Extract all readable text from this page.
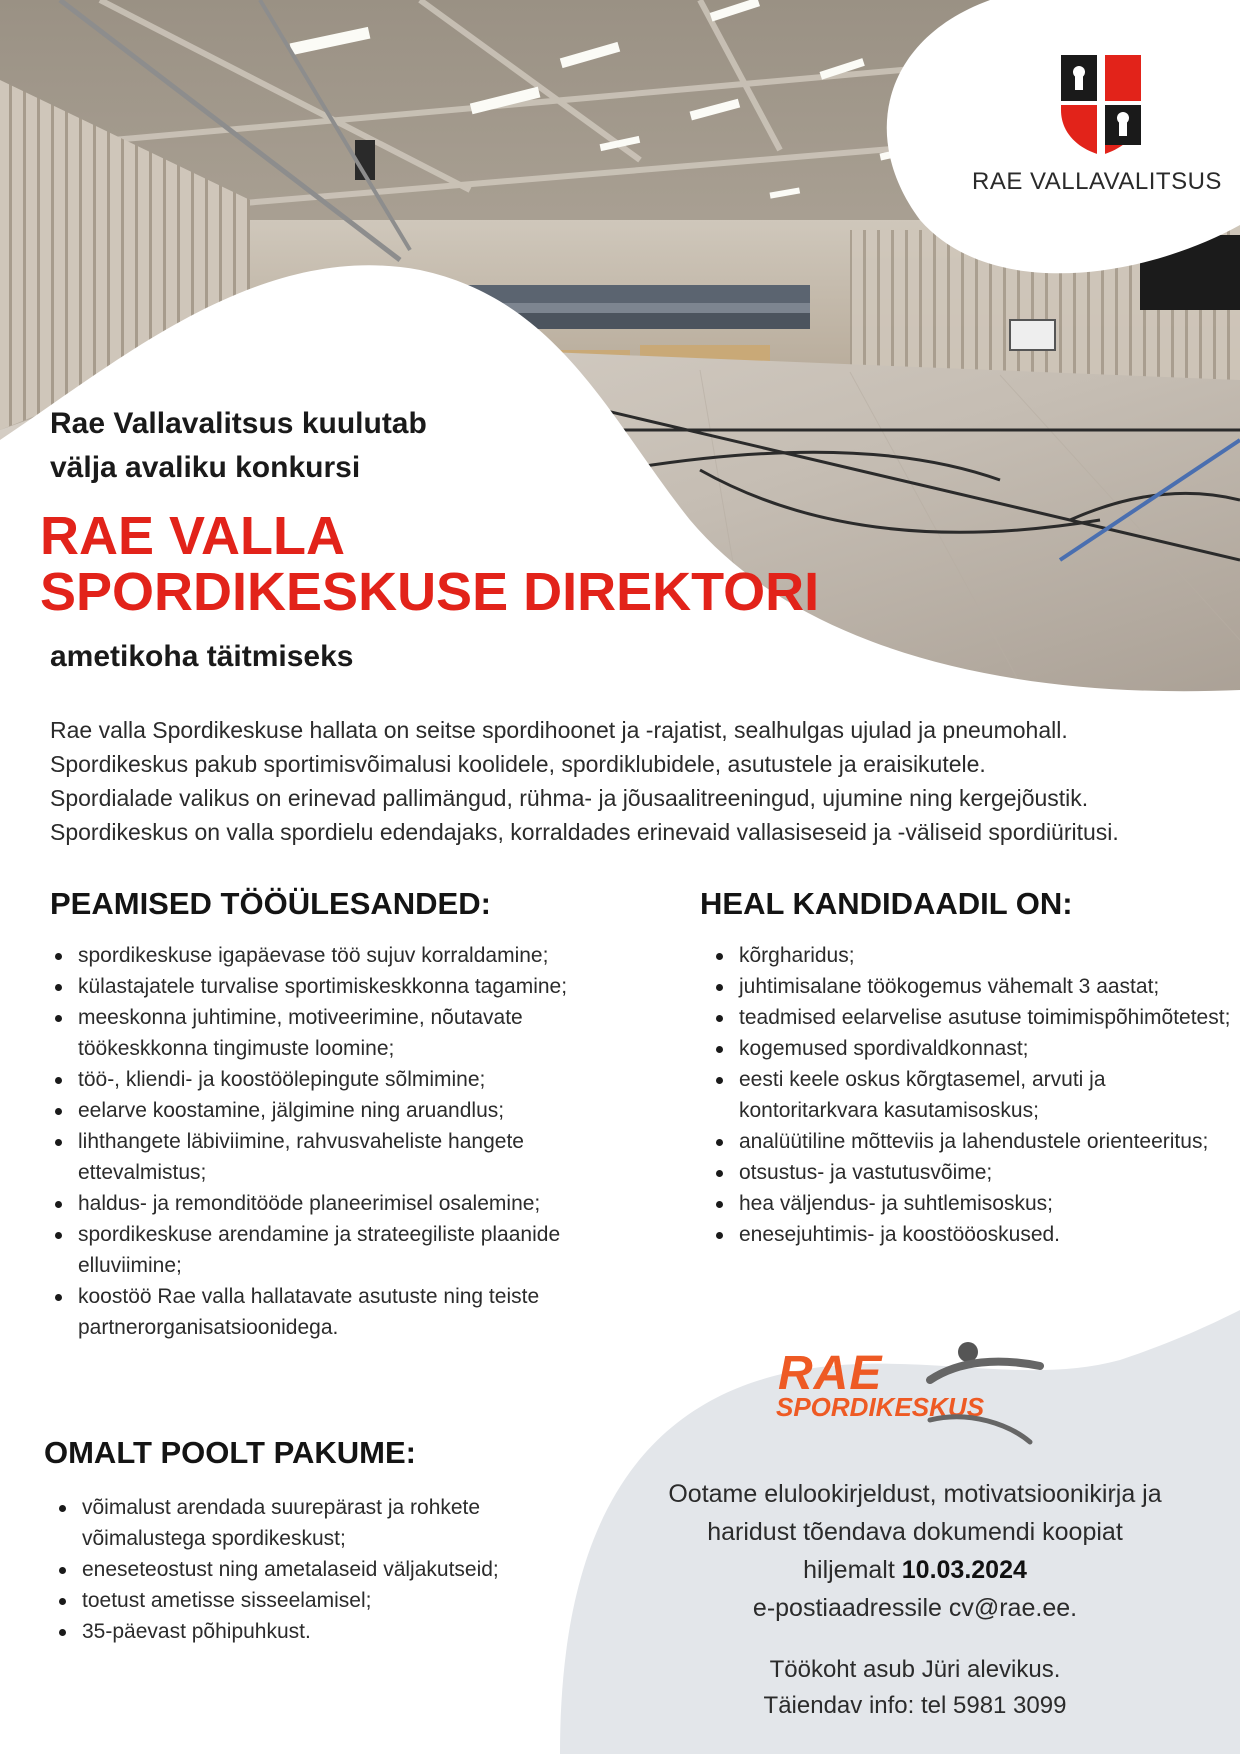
RAE VALLAVALITSUS
Rae Vallavalitsus kuulutab
välja avaliku konkursi
RAE VALLA
SPORDIKESKUSE DIREKTORI
ametikoha täitmiseks

Rae valla Spordikeskuse hallata on seitse spordihoonet ja -rajatist, sealhulgas ujulad ja pneumohall.

Spordikeskus pakub sportimisvõimalusi koolidele, spordiklubidele, asutustele ja eraisikutele.

Spordialade valikus on erinevad pallimängud, rühma- ja jõusaalitreeningud, ujumine ning kergejõustik.

Spordikeskus on valla spordielu edendajaks, korraldades erinevaid vallasiseseid ja -väliseid spordiüritusi.

PEAMISED TÖÖÜLESANDED:
spordikeskuse igapäevase töö sujuv korraldamine;
külastajatele turvalise sportimiskeskkonna tagamine;
meeskonna juhtimine, motiveerimine, nõutavate töökeskkonna tingimuste loomine;
töö-, kliendi- ja koostöölepingute sõlmimine;
eelarve koostamine, jälgimine ning aruandlus;
lihthangete läbiviimine, rahvusvaheliste hangete ettevalmistus;
haldus- ja remonditööde planeerimisel osalemine;
spordikeskuse arendamine ja strateegiliste plaanide elluviimine;
koostöö Rae valla hallatavate asutuste ning teiste partnerorganisatsioonidega.
HEAL KANDIDAADIL ON:
kõrgharidus;
juhtimisalane töökogemus vähemalt 3 aastat;
teadmised eelarvelise asutuse toimimispõhimõtetest;
kogemused spordivaldkonnast;
eesti keele oskus kõrgtasemel, arvuti ja kontoritarkvara kasutamisoskus;
analüütiline mõtteviis ja lahendustele orienteeritus;
otsustus- ja vastutusvõime;
hea väljendus- ja suhtlemisoskus;
enesejuhtimis- ja koostööoskused.
RAE
SPORDIKESKUS
OMALT POOLT PAKUME:
võimalust arendada suurepärast ja rohkete võimalustega spordikeskust;
eneseteostust ning ametalaseid väljakutseid;
toetust ametisse sisseelamisel;
35-päevast põhipuhkust.
Ootame elulookirjeldust, motivatsioonikirja ja
haridust tõendava dokumendi koopiat
hiljemalt 10.03.2024
e-postiaadressile cv@rae.ee.
Töökoht asub Jüri alevikus.
Täiendav info: tel 5981 3099
